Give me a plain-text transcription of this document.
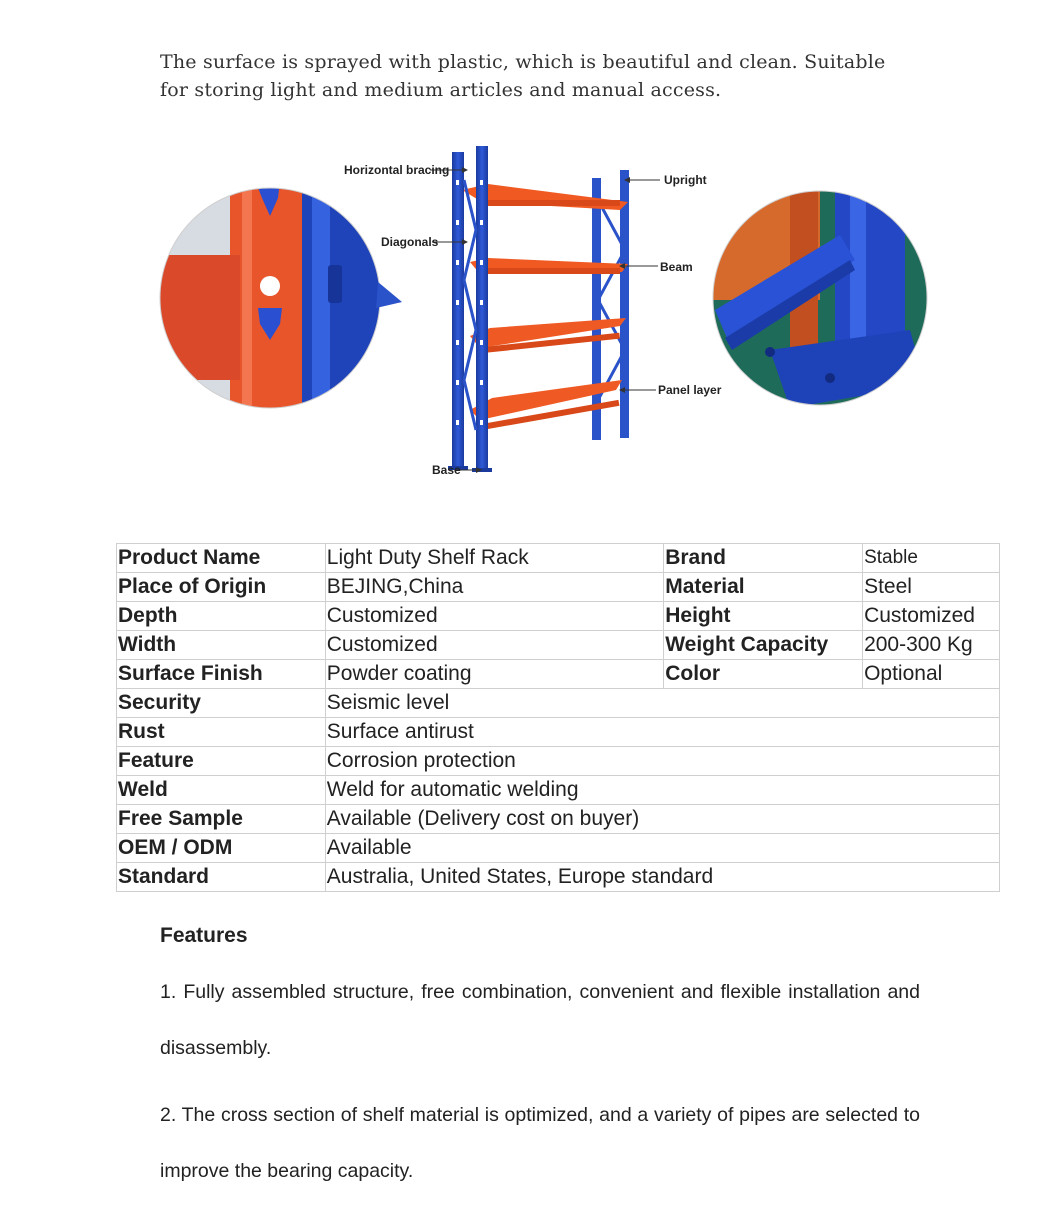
The surface is sprayed with plastic, which is beautiful and clean. Suitable

for storing light and medium articles and manual access.

Horizontal bracing
Diagonals
Upright
Beam
Panel layer
Base
Product Name	Light Duty Shelf Rack	Brand	Stable
Place of Origin	BEJING,China	Material	Steel
Depth	Customized	Height	Customized
Width	Customized	Weight Capacity	200-300 Kg
Surface Finish	Powder coating	Color	Optional
Security	Seismic level		
Rust	Surface antirust		
Feature	Corrosion protection		
Weld	Weld for automatic welding		
Free Sample	Available (Delivery cost on buyer)		
OEM / ODM	Available		
Standard	Australia, United States, Europe standard		
Features

1. Fully assembled structure, free combination, convenient and flexible installation and disassembly.

2. The cross section of shelf material is optimized, and a variety of pipes are selected to improve the bearing capacity.
